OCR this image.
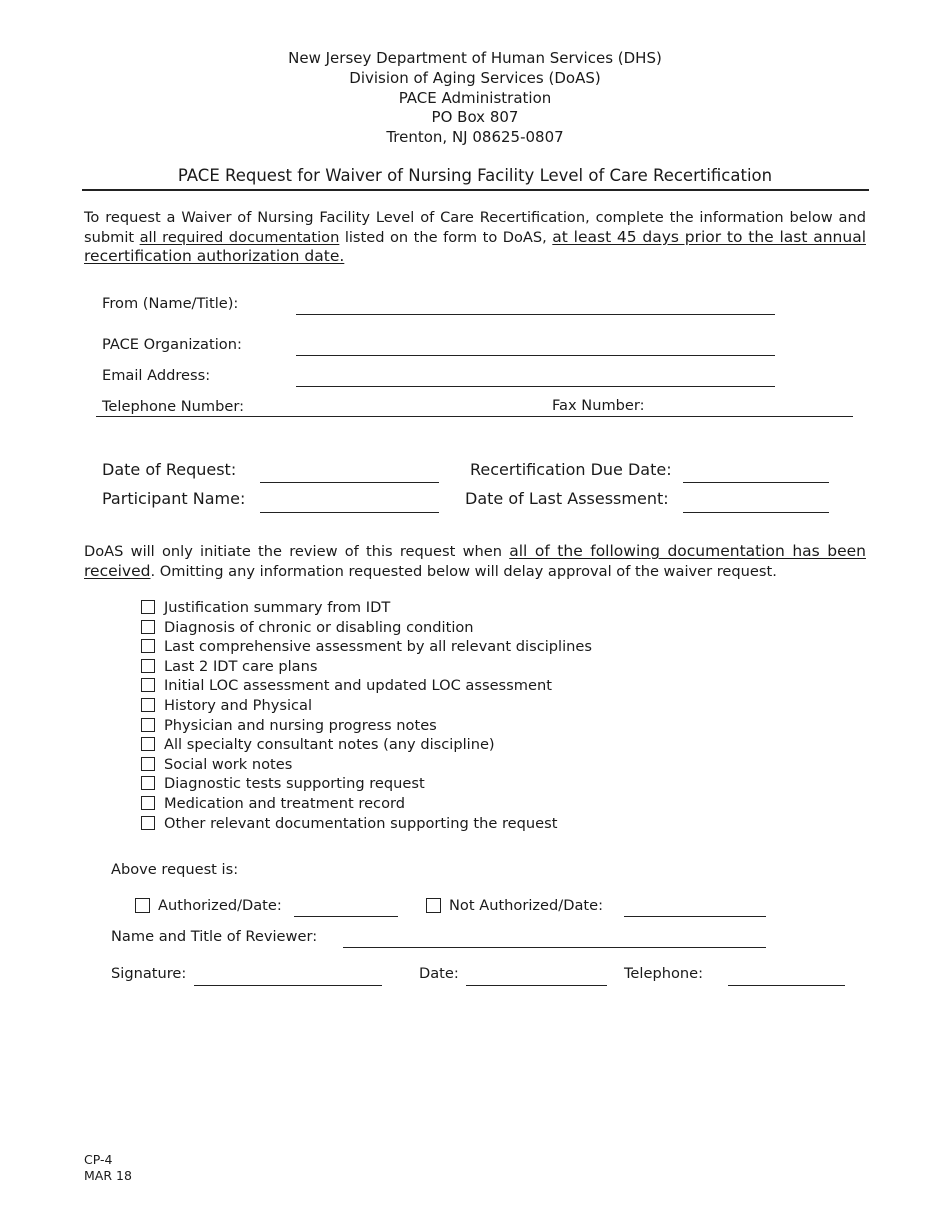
New Jersey Department of Human Services (DHS)
Division of Aging Services (DoAS)
PACE Administration
PO Box 807
Trenton, NJ 08625-0807
PACE Request for Waiver of Nursing Facility Level of Care Recertification
To request a Waiver of Nursing Facility Level of Care Recertification, complete the information below and submit all required documentation listed on the form to DoAS, at least 45 days prior to the last annual recertification authorization date.
From (Name/Title):
PACE Organization:
Email Address:
Telephone Number:	Fax Number:
Date of Request:	Recertification Due Date:
Participant Name:	Date of Last Assessment:
DoAS will only initiate the review of this request when all of the following documentation has been received. Omitting any information requested below will delay approval of the waiver request.
Justification summary from IDT
Diagnosis of chronic or disabling condition
Last comprehensive assessment by all relevant disciplines
Last 2 IDT care plans
Initial LOC assessment and updated LOC assessment
History and Physical
Physician and nursing progress notes
All specialty consultant notes (any discipline)
Social work notes
Diagnostic tests supporting request
Medication and treatment record
Other relevant documentation supporting the request
Above request is:
Authorized/Date:	Not Authorized/Date:
Name and Title of Reviewer:
Signature:	Date:	Telephone:
CP-4
MAR 18
